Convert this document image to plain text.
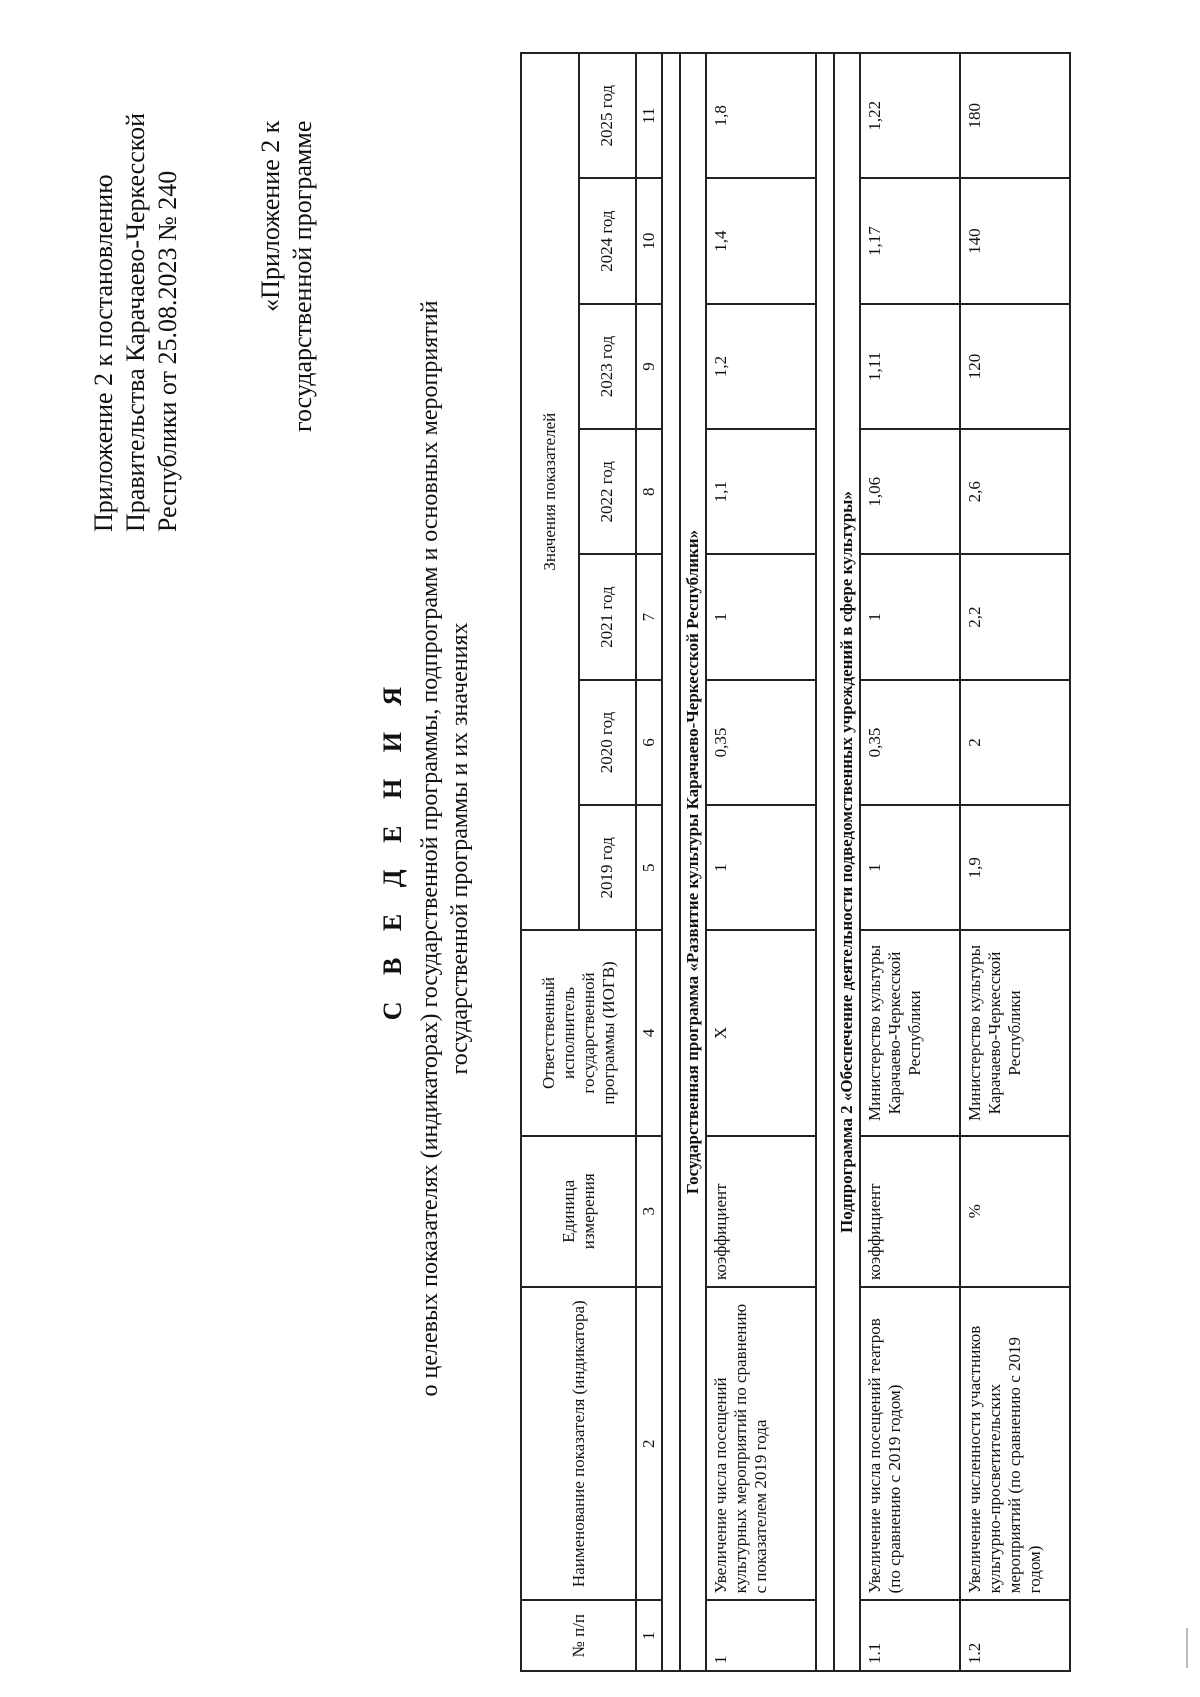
Приложение 2 к постановлению Правительства Карачаево-Черкесской Республики от 25.08.2023 № 240	«Приложение 2 к государственной программе
С В Е Д Е Н И Я о целевых показателях (индикаторах) государственной программы, подпрограмм и основных мероприятий государственной программы и их значениях
№ п/п	Наименование показателя (индикатора)	Единица измерения	Ответственный исполнитель государственной программы (ИОГВ)	Значения показателей						
				2019 год	2020 год	2021 год	2022 год	2023 год	2024 год	2025 год
1	2	3	4	5	6	7	8	9	10	11

Государственная программа «Развитие культуры Карачаево-Черкесской Республики»										
1	Увеличение числа посещений культурных мероприятий по сравнению с показателем 2019 года	коэффициент	Х	1	0,35	1	1,1	1,2	1,4	1,8

Подпрограмма 2 «Обеспечение деятельности подведомственных учреждений в сфере культуры»										
1.1	Увеличение числа посещений театров (по сравнению с 2019 годом)	коэффициент	Министерство культуры Карачаево-Черкесской Республики	1	0,35	1	1,06	1,11	1,17	1,22
1.2	Увеличение численности участников культурно-просветительских мероприятий (по сравнению с 2019 годом)	%	Министерство культуры Карачаево-Черкесской Республики	1,9	2	2,2	2,6	120	140	180
